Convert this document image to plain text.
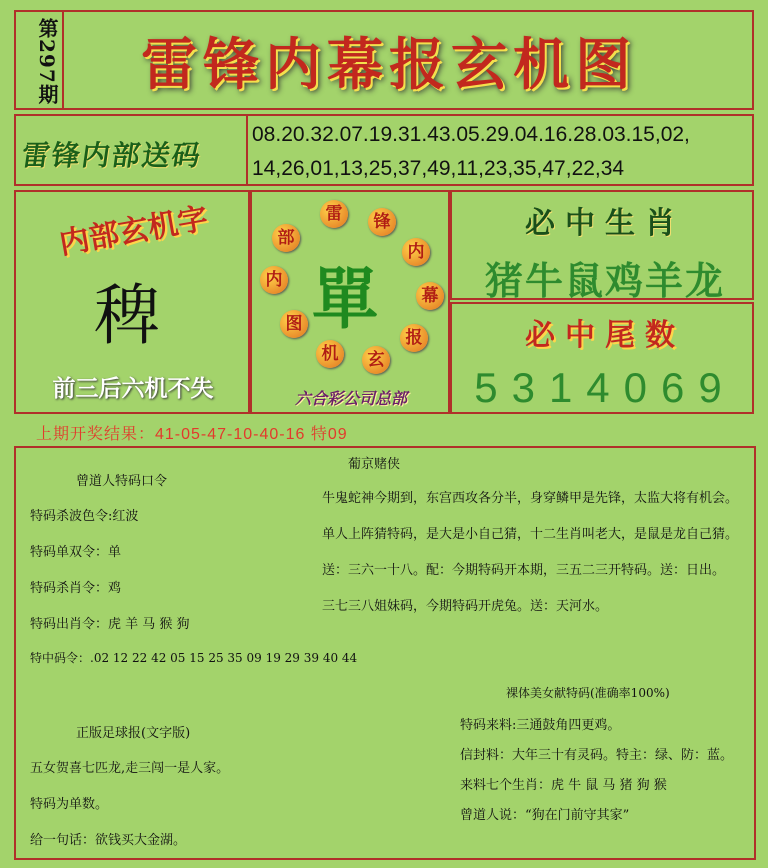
第297期	雷锋内幕报玄机图
雷锋内部送码
08.20.32.07.19.31.43.05.29.04.16.28.03.15,02,
14,26,01,13,25,37,49,11,23,35,47,22,34
内部玄机字
稗
前三后六机不失
雷	锋
内
幕
报
玄
机
图
内
部
單
六合彩公司总部
必中生肖
猪牛鼠鸡羊龙
必中尾数
5314069
上期开奖结果：41-05-47-10-40-16 特09
曾道人特码口令
特码杀波色令:红波
特码单双令：单
特码杀肖令：鸡
特码出肖令：虎 羊 马 猴 狗
特中码令：.02 12 22 42 05 15 25 35 09 19 29 39 40 44
正版足球报(文字版)
五女贺喜七匹龙,走三闯一是人家。
特码为单数。
给一句话：欲钱买大金湖。
葡京赌侠
牛鬼蛇神今期到，东宫西攻各分半，身穿鳞甲是先锋，太监大将有机会。
单人上阵猜特码，是大是小自己猜，十二生肖叫老大，是鼠是龙自己猜。
送：三六一十八。配：今期特码开本期，三五二三开特码。送：日出。
三七三八姐妹码，今期特码开虎兔。送：天河水。
裸体美女献特码(准确率100%)
特码来料:三通鼓角四更鸡。
信封料：大年三十有灵码。特主：绿、防：蓝。
来料七个生肖：虎 牛 鼠 马 猪 狗 猴
曾道人说：“狗在门前守其家”
